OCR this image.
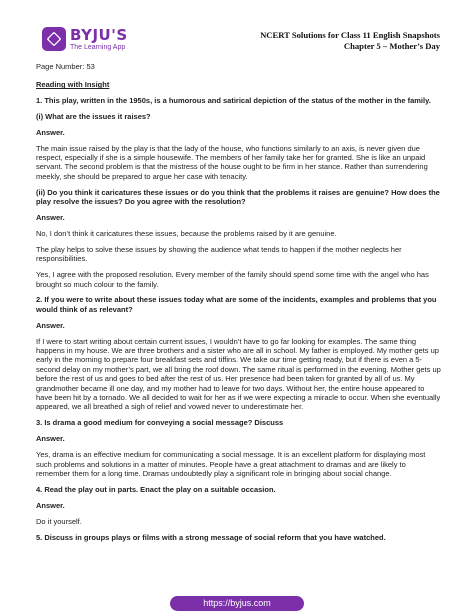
BYJU'S
The Learning App
NCERT Solutions for Class 11 English Snapshots
Chapter 5 – Mother’s Day

Page Number: 53

Reading with Insight

1. This play, written in the 1950s, is a humorous and satirical depiction of the status of the mother in the family.

(i) What are the issues it raises?

Answer.

The main issue raised by the play is that the lady of the house, who functions similarly to an axis, is never given due respect, especially if she is a simple housewife. The members of her family take her for granted. She is like an unpaid servant. The second problem is that the mistress of the house ought to be firm in her stance. Rather than surrendering meekly, she should be prepared to argue her case with tenacity.

(ii) Do you think it caricatures these issues or do you think that the problems it raises are genuine? How does the play resolve the issues? Do you agree with the resolution?

Answer.

No, I don’t think it caricatures these issues, because the problems raised by it are genuine.

The play helps to solve these issues by showing the audience what tends to happen if the mother neglects her responsibilities.

Yes, I agree with the proposed resolution. Every member of the family should spend some time with the angel who has brought so much colour to the family.

2. If you were to write about these issues today what are some of the incidents, examples and problems that you would think of as relevant?

Answer.

If I were to start writing about certain current issues, I wouldn’t have to go far looking for examples. The same thing happens in my house. We are three brothers and a sister who are all in school. My father is employed. My mother gets up early in the morning to prepare four breakfast sets and tiffins. We take our time getting ready, but if there is even a 5-second delay on my mother’s part, we all bring the roof down. The same ritual is performed in the evening. Mother gets up before the rest of us and goes to bed after the rest of us. Her presence had been taken for granted by all of us. My grandmother became ill one day, and my mother had to leave for two days. Without her, the entire house appeared to have been hit by a tornado. We all decided to wait for her as if we were expecting a miracle to occur. When she eventually appeared, we all breathed a sigh of relief and vowed never to underestimate her.

3. Is drama a good medium for conveying a social message? Discuss

Answer.

Yes, drama is an effective medium for communicating a social message. It is an excellent platform for displaying most such problems and solutions in a matter of minutes. People have a great attachment to dramas and are likely to remember them for a long time. Dramas undoubtedly play a significant role in bringing about social change.

4. Read the play out in parts. Enact the play on a suitable occasion.

Answer.

Do it yourself.

5. Discuss in groups plays or films with a strong message of social reform that you have watched.

https://byjus.com
